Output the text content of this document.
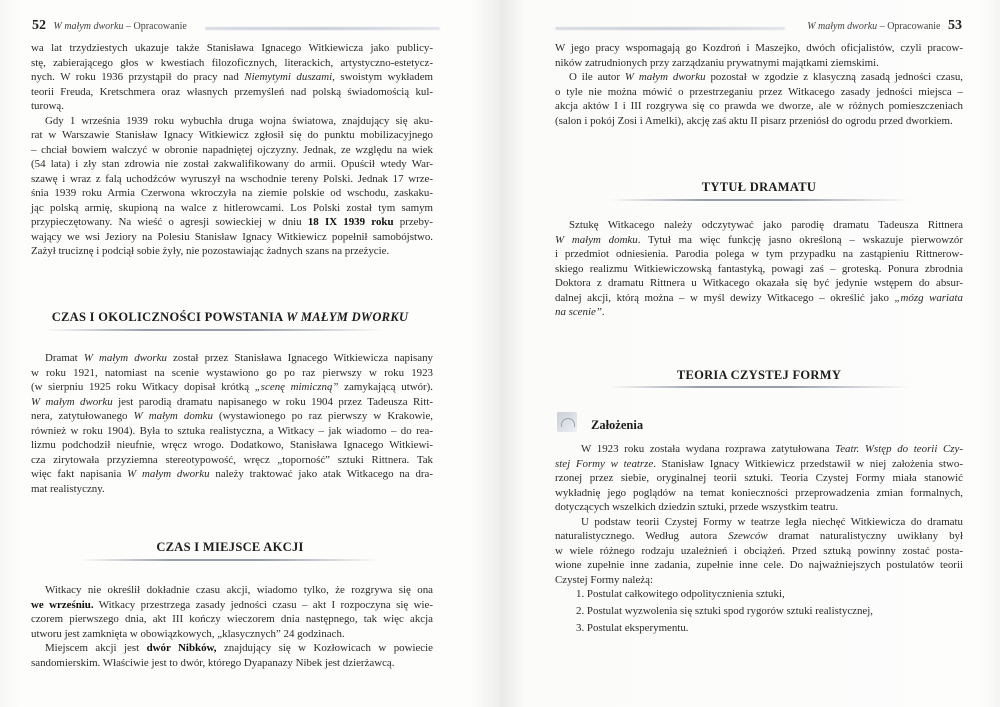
52 W małym dworku – Opracowanie
wa lat trzydziestych ukazuje także Stanisława Ignacego Witkiewicza jako publicy-
stę, zabierającego głos w kwestiach filozoficznych, literackich, artystyczno-estetycz-
nych. W roku 1936 przystąpił do pracy nad Niemytymi duszami, swoistym wykładem
teorii Freuda, Kretschmera oraz własnych przemyśleń nad polską świadomością kul-
turową.
Gdy 1 września 1939 roku wybuchła druga wojna światowa, znajdujący się aku-
rat w Warszawie Stanisław Ignacy Witkiewicz zgłosił się do punktu mobilizacyjnego
– chciał bowiem walczyć w obronie napadniętej ojczyzny. Jednak, ze względu na wiek
(54 lata) i zły stan zdrowia nie został zakwalifikowany do armii. Opuścił wtedy War-
szawę i wraz z falą uchodźców wyruszył na wschodnie tereny Polski. Jednak 17 wrze-
śnia 1939 roku Armia Czerwona wkroczyła na ziemie polskie od wschodu, zaskaku-
jąc polską armię, skupioną na walce z hitlerowcami. Los Polski został tym samym
przypieczętowany. Na wieść o agresji sowieckiej w dniu 18 IX 1939 roku przeby-
wający we wsi Jeziory na Polesiu Stanisław Ignacy Witkiewicz popełnił samobójstwo.
Zażył truciznę i podciął sobie żyły, nie pozostawiając żadnych szans na przeżycie.
CZAS I OKOLICZNOŚCI POWSTANIA W MAŁYM DWORKU
Dramat W małym dworku został przez Stanisława Ignacego Witkiewicza napisany
w roku 1921, natomiast na scenie wystawiono go po raz pierwszy w roku 1923
(w sierpniu 1925 roku Witkacy dopisał krótką „scenę mimiczną” zamykającą utwór).
W małym dworku jest parodią dramatu napisanego w roku 1904 przez Tadeusza Ritt-
nera, zatytułowanego W małym domku (wystawionego po raz pierwszy w Krakowie,
również w roku 1904). Była to sztuka realistyczna, a Witkacy – jak wiadomo – do rea-
lizmu podchodził nieufnie, wręcz wrogo. Dodatkowo, Stanisława Ignacego Witkiewi-
cza zirytowała przyziemna stereotypowość, wręcz „toporność” sztuki Rittnera. Tak
więc fakt napisania W małym dworku należy traktować jako atak Witkacego na dra-
mat realistyczny.
CZAS I MIEJSCE AKCJI
Witkacy nie określił dokładnie czasu akcji, wiadomo tylko, że rozgrywa się ona
we wrześniu. Witkacy przestrzega zasady jedności czasu – akt I rozpoczyna się wie-
czorem pierwszego dnia, akt III kończy wieczorem dnia następnego, tak więc akcja
utworu jest zamknięta w obowiązkowych, „klasycznych” 24 godzinach.
Miejscem akcji jest dwór Nibków, znajdujący się w Kozłowicach w powiecie
sandomierskim. Właściwie jest to dwór, którego Dyapanazy Nibek jest dzierżawcą.
W małym dworku – Opracowanie 53
W jego pracy wspomagają go Kozdroń i Maszejko, dwóch oficjalistów, czyli pracow-
ników zatrudnionych przy zarządzaniu prywatnymi majątkami ziemskimi.
O ile autor W małym dworku pozostał w zgodzie z klasyczną zasadą jedności czasu,
o tyle nie można mówić o przestrzeganiu przez Witkacego zasady jedności miejsca –
akcja aktów I i III rozgrywa się co prawda we dworze, ale w różnych pomieszczeniach
(salon i pokój Zosi i Amelki), akcję zaś aktu II pisarz przeniósł do ogrodu przed dworkiem.
TYTUŁ DRAMATU
Sztukę Witkacego należy odczytywać jako parodię dramatu Tadeusza Rittnera
W małym domku. Tytuł ma więc funkcję jasno określoną – wskazuje pierwowzór
i przedmiot odniesienia. Parodia polega w tym przypadku na zastąpieniu Rittnerow-
skiego realizmu Witkiewiczowską fantastyką, powagi zaś – groteską. Ponura zbrodnia
Doktora z dramatu Rittnera u Witkacego okazała się być jedynie wstępem do absur-
dalnej akcji, którą można – w myśl dewizy Witkacego – określić jako „mózg wariata
na scenie”.
TEORIA CZYSTEJ FORMY
Założenia
W 1923 roku została wydana rozprawa zatytułowana Teatr. Wstęp do teorii Czy-
stej Formy w teatrze. Stanisław Ignacy Witkiewicz przedstawił w niej założenia stwo-
rzonej przez siebie, oryginalnej teorii sztuki. Teoria Czystej Formy miała stanowić
wykładnię jego poglądów na temat konieczności przeprowadzenia zmian formalnych,
dotyczących wszelkich dziedzin sztuki, przede wszystkim teatru.
U podstaw teorii Czystej Formy w teatrze legła niechęć Witkiewicza do dramatu
naturalistycznego. Według autora Szewców dramat naturalistyczny uwikłany był
w wiele różnego rodzaju uzależnień i obciążeń. Przed sztuką powinny zostać posta-
wione zupełnie inne zadania, zupełnie inne cele. Do najważniejszych postulatów teorii
Czystej Formy należą:
1. Postulat całkowitego odpolitycznienia sztuki,
2. Postulat wyzwolenia się sztuki spod rygorów sztuki realistycznej,
3. Postulat eksperymentu.
